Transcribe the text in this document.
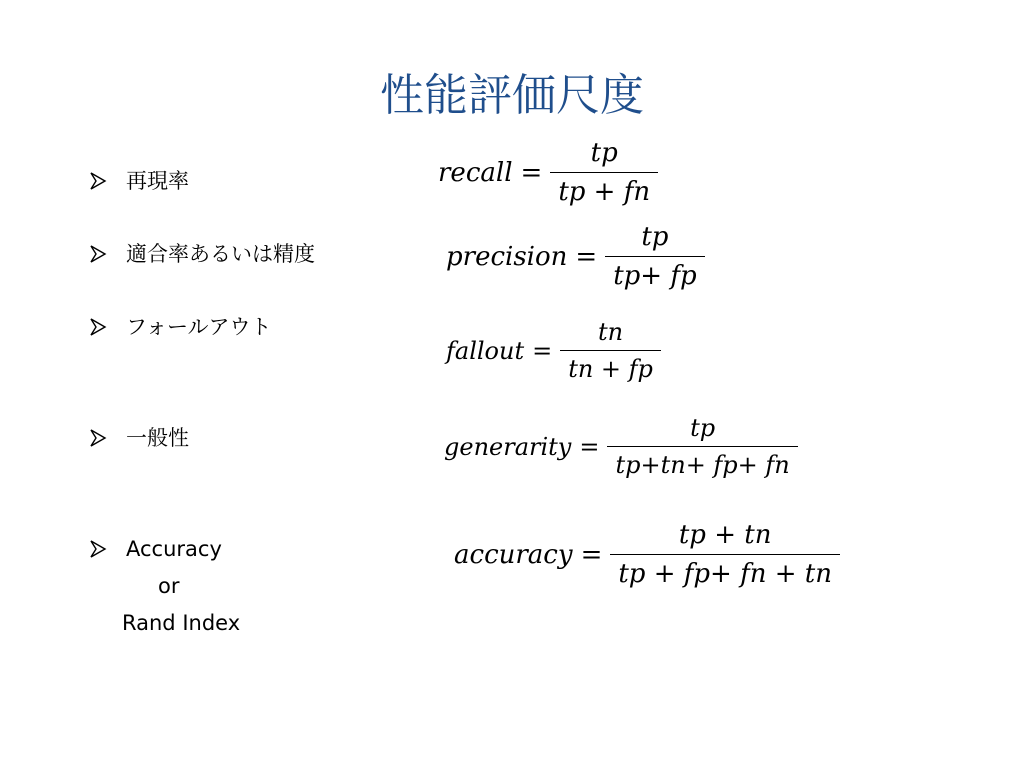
性能評価尺度
再現率
適合率あるいは精度
フォールアウト
一般性
Accuracy
or
Rand Index
recall = $\frac{tp}{tp + fn}$
precision = $\frac{tp}{tp+ fp}$
fallout = $\frac{tn}{tn + fp}$
generarity = $\frac{tp}{tp+tn+ fp+ fn}$
accuracy = $\frac{tp + tn}{tp + fp+ fn + tn}$
